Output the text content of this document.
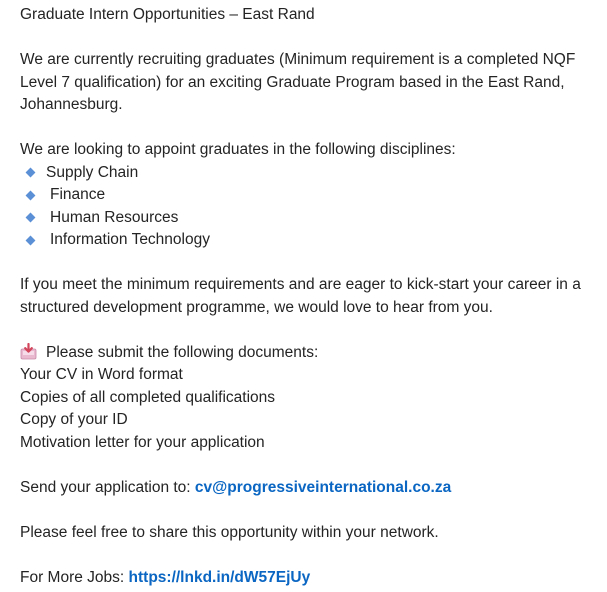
Graduate Intern Opportunities – East Rand
We are currently recruiting graduates (Minimum requirement is a completed NQF
Level 7 qualification) for an exciting Graduate Program based in the East Rand,
Johannesburg.
We are looking to appoint graduates in the following disciplines:
Supply Chain
Finance
Human Resources
Information Technology
If you meet the minimum requirements and are eager to kick-start your career in a
structured development programme, we would love to hear from you.
Please submit the following documents:
Your CV in Word format
Copies of all completed qualifications
Copy of your ID
Motivation letter for your application
Send your application to: cv@progressiveinternational.co.za
Please feel free to share this opportunity within your network.
For More Jobs: https://lnkd.in/dW57EjUy
